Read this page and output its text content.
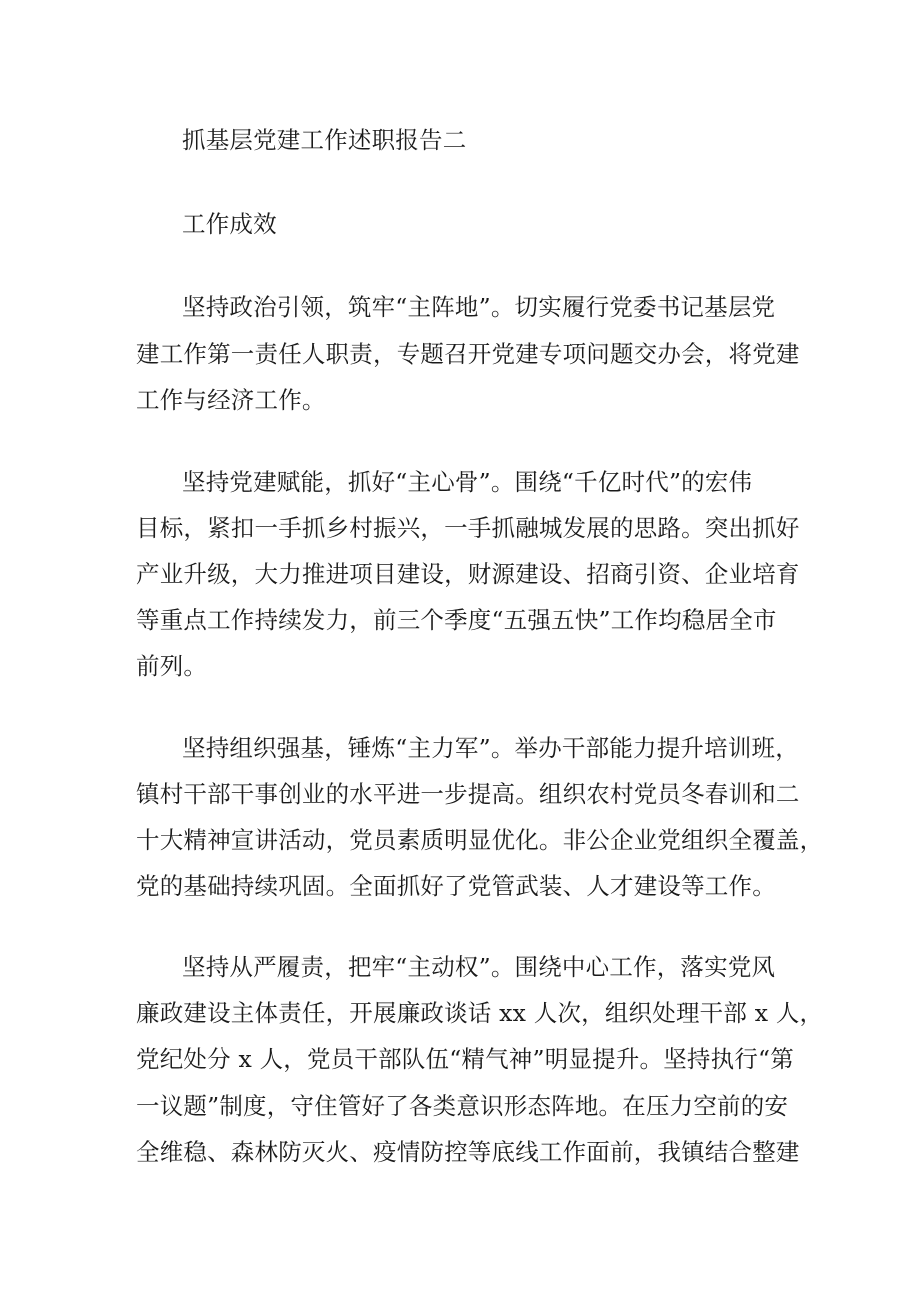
抓基层党建工作述职报告二
工作成效
坚持政治引领，筑牢“主阵地”。切实履行党委书记基层党
建工作第一责任人职责，专题召开党建专项问题交办会，将党建
工作与经济工作。
坚持党建赋能，抓好“主心骨”。围绕“千亿时代”的宏伟
目标，紧扣一手抓乡村振兴，一手抓融城发展的思路。突出抓好
产业升级，大力推进项目建设，财源建设、招商引资、企业培育
等重点工作持续发力，前三个季度“五强五快”工作均稳居全市
前列。
坚持组织强基，锤炼“主力军”。举办干部能力提升培训班，
镇村干部干事创业的水平进一步提高。组织农村党员冬春训和二
十大精神宣讲活动，党员素质明显优化。非公企业党组织全覆盖，
党的基础持续巩固。全面抓好了党管武装、人才建设等工作。
坚持从严履责，把牢“主动权”。围绕中心工作，落实党风
廉政建设主体责任，开展廉政谈话 xx 人次，组织处理干部 x 人，
党纪处分 x 人，党员干部队伍“精气神”明显提升。坚持执行“第
一议题”制度，守住管好了各类意识形态阵地。在压力空前的安
全维稳、森林防灭火、疫情防控等底线工作面前，我镇结合整建
